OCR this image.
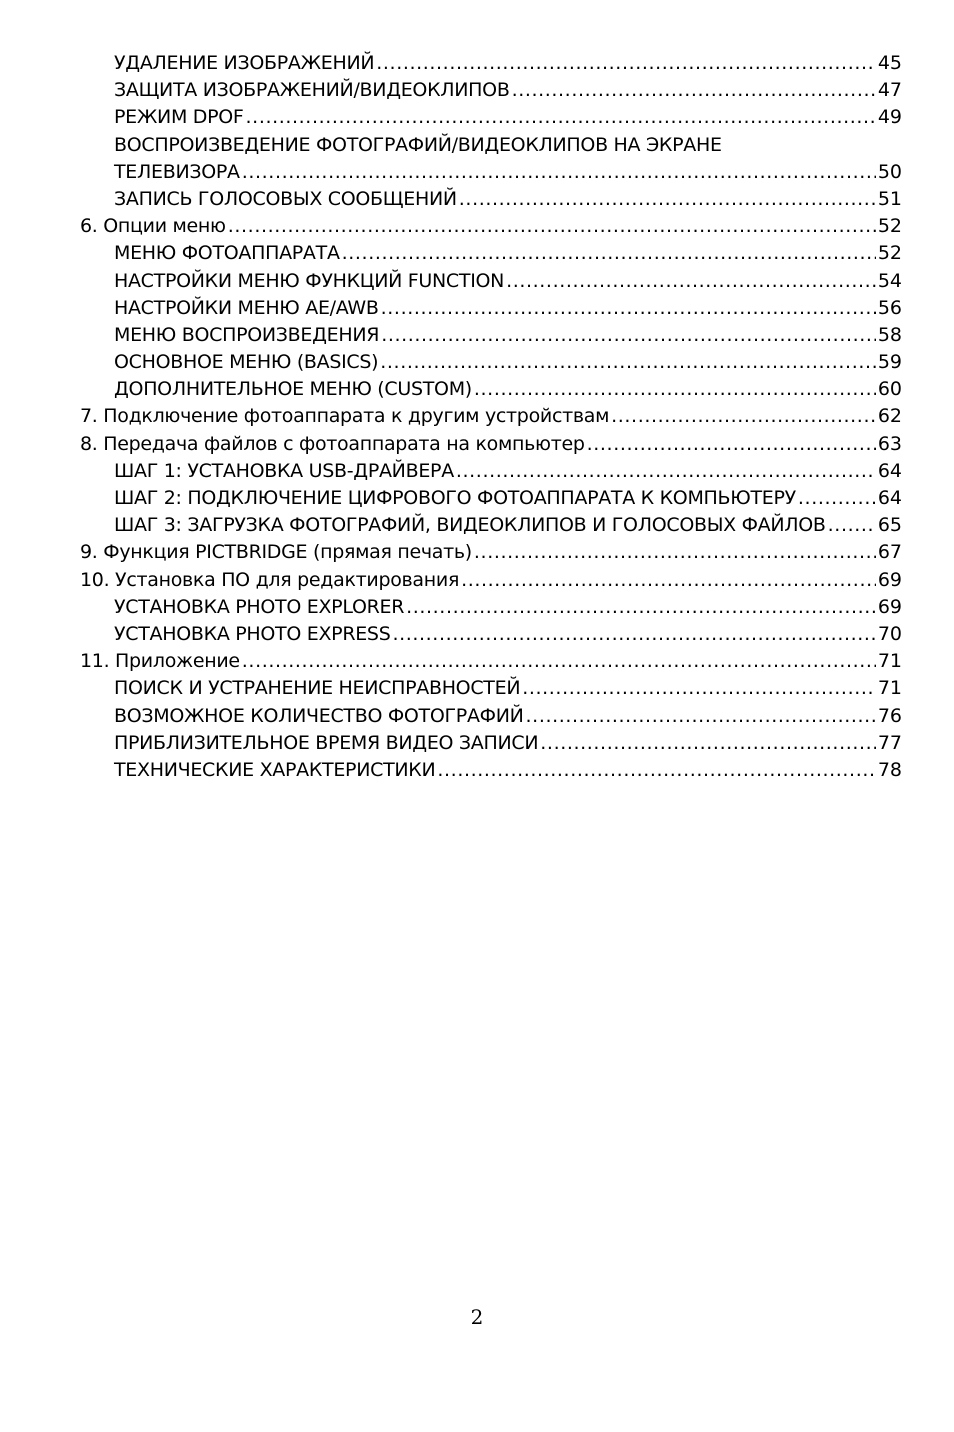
УДАЛЕНИЕ ИЗОБРАЖЕНИЙ .....	45
ЗАЩИТА ИЗОБРАЖЕНИЙ/ВИДЕОКЛИПОВ .....	47
РЕЖИМ DPOF .....	49
ВОСПРОИЗВЕДЕНИЕ ФОТОГРАФИЙ/ВИДЕОКЛИПОВ НА ЭКРАНЕ
ТЕЛЕВИЗОРА .....	50
ЗАПИСЬ ГОЛОСОВЫХ СООБЩЕНИЙ .....	51
6. Опции меню .....	52
МЕНЮ ФОТОАППАРАТА .....	52
НАСТРОЙКИ МЕНЮ ФУНКЦИЙ FUNCTION .....	54
НАСТРОЙКИ МЕНЮ AE/AWB .....	56
МЕНЮ ВОСПРОИЗВЕДЕНИЯ .....	58
ОСНОВНОЕ МЕНЮ (BASICS) .....	59
ДОПОЛНИТЕЛЬНОЕ МЕНЮ (CUSTOM) .....	60
7. Подключение фотоаппарата к другим устройствам .....	62
8. Передача файлов с фотоаппарата на компьютер .....	63
ШАГ 1: УСТАНОВКА USB-ДРАЙВЕРА .....	64
ШАГ 2: ПОДКЛЮЧЕНИЕ ЦИФРОВОГО ФОТОАППАРАТА К КОМПЬЮТЕРУ .....	64
ШАГ 3: ЗАГРУЗКА ФОТОГРАФИЙ, ВИДЕОКЛИПОВ И ГОЛОСОВЫХ ФАЙЛОВ .....	65
9. Функция PICTBRIDGE (прямая печать) .....	67
10. Установка ПО для редактирования .....	69
УСТАНОВКА PHOTO EXPLORER .....	69
УСТАНОВКА PHOTO EXPRESS .....	70
11. Приложение .....	71
ПОИСК И УСТРАНЕНИЕ НЕИСПРАВНОСТЕЙ .....	71
ВОЗМОЖНОЕ КОЛИЧЕСТВО ФОТОГРАФИЙ .....	76
ПРИБЛИЗИТЕЛЬНОЕ ВРЕМЯ ВИДЕО ЗАПИСИ .....	77
ТЕХНИЧЕСКИЕ ХАРАКТЕРИСТИКИ .....	78
2
